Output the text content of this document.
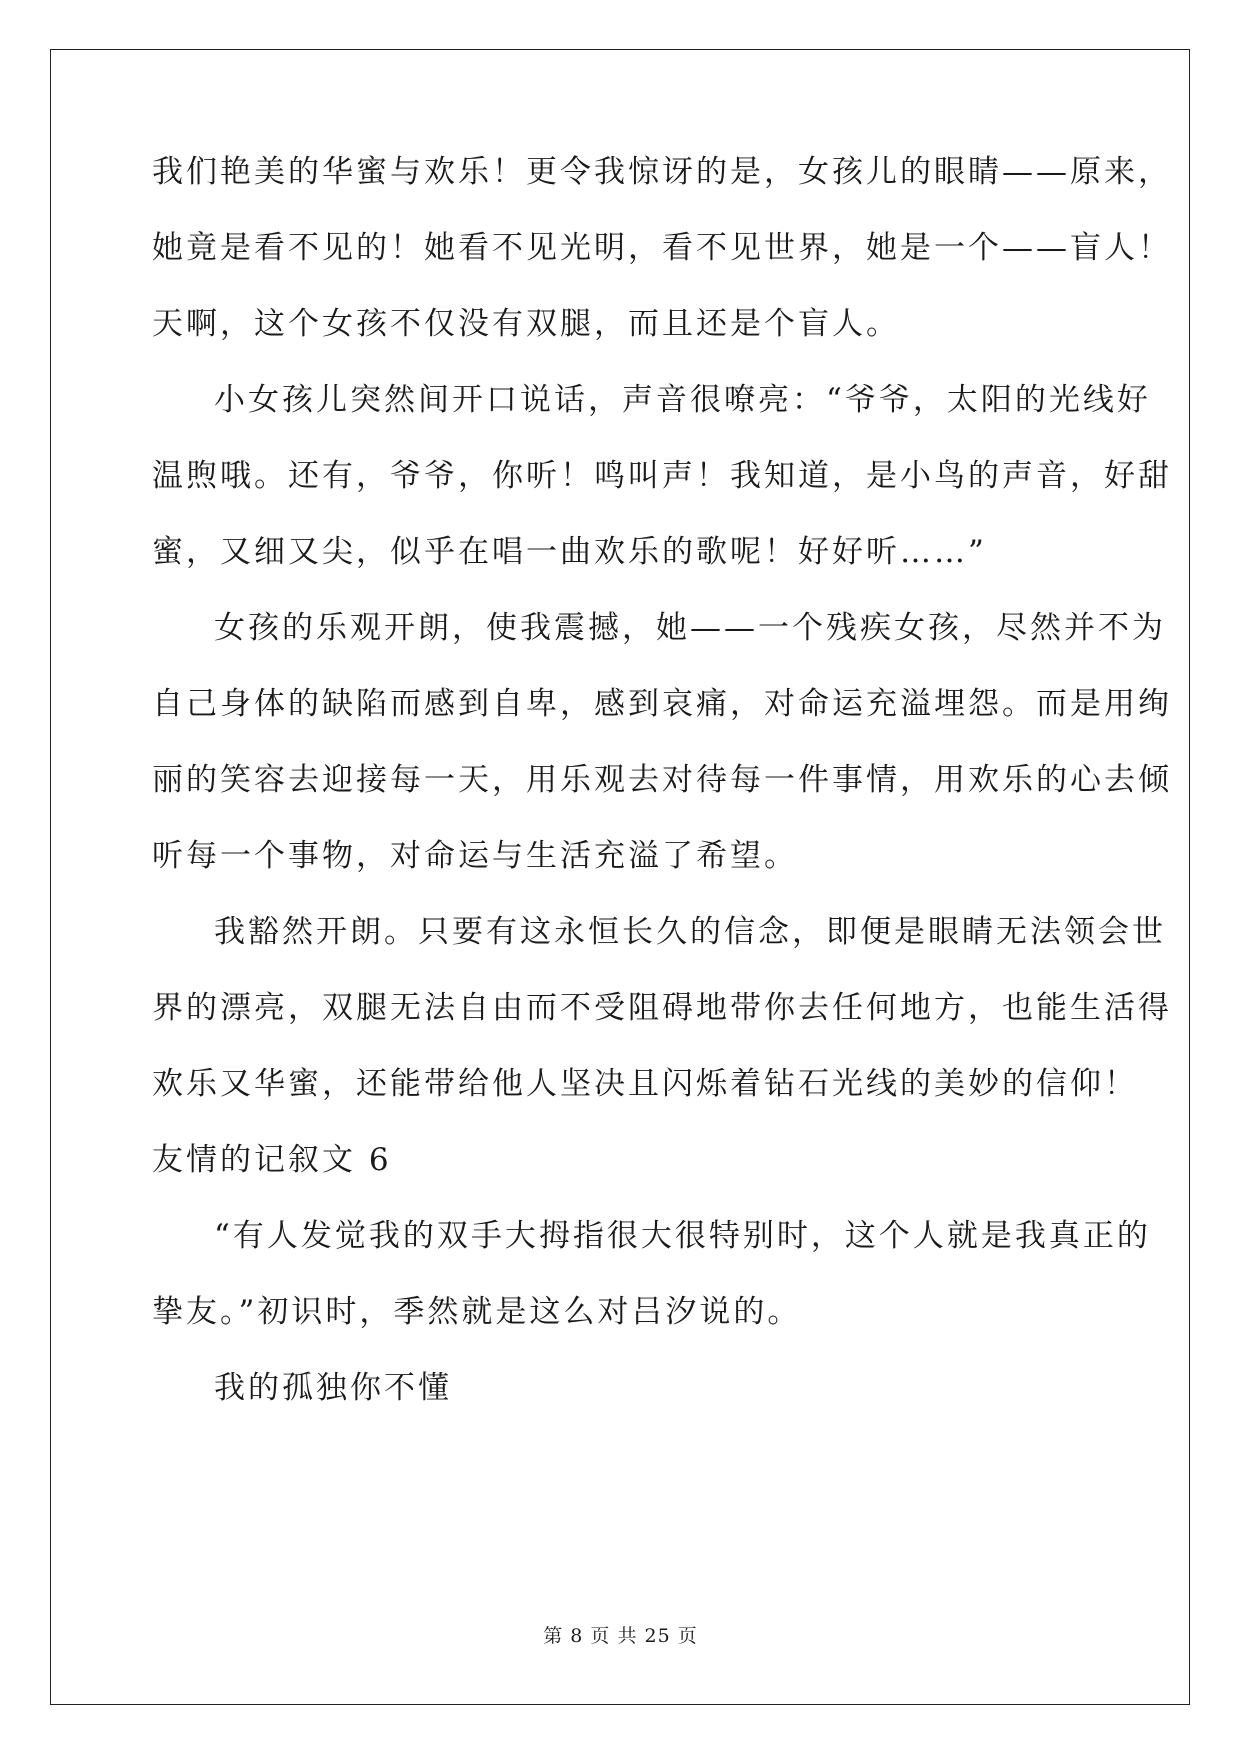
我们艳美的华蜜与欢乐！更令我惊讶的是，女孩儿的眼睛——原来，
她竟是看不见的！她看不见光明，看不见世界，她是一个——盲人！
天啊，这个女孩不仅没有双腿，而且还是个盲人。
小女孩儿突然间开口说话，声音很嘹亮：“爷爷，太阳的光线好
温煦哦。还有，爷爷，你听！鸣叫声！我知道，是小鸟的声音，好甜
蜜，又细又尖，似乎在唱一曲欢乐的歌呢！好好听……”
女孩的乐观开朗，使我震撼，她——一个残疾女孩，尽然并不为
自己身体的缺陷而感到自卑，感到哀痛，对命运充溢埋怨。而是用绚
丽的笑容去迎接每一天，用乐观去对待每一件事情，用欢乐的心去倾
听每一个事物，对命运与生活充溢了希望。
我豁然开朗。只要有这永恒长久的信念，即便是眼睛无法领会世
界的漂亮，双腿无法自由而不受阻碍地带你去任何地方，也能生活得
欢乐又华蜜，还能带给他人坚决且闪烁着钻石光线的美妙的信仰！
友情的记叙文 6
“有人发觉我的双手大拇指很大很特别时，这个人就是我真正的
挚友。”初识时，季然就是这么对吕汐说的。
我的孤独你不懂
第 8 页 共 25 页
